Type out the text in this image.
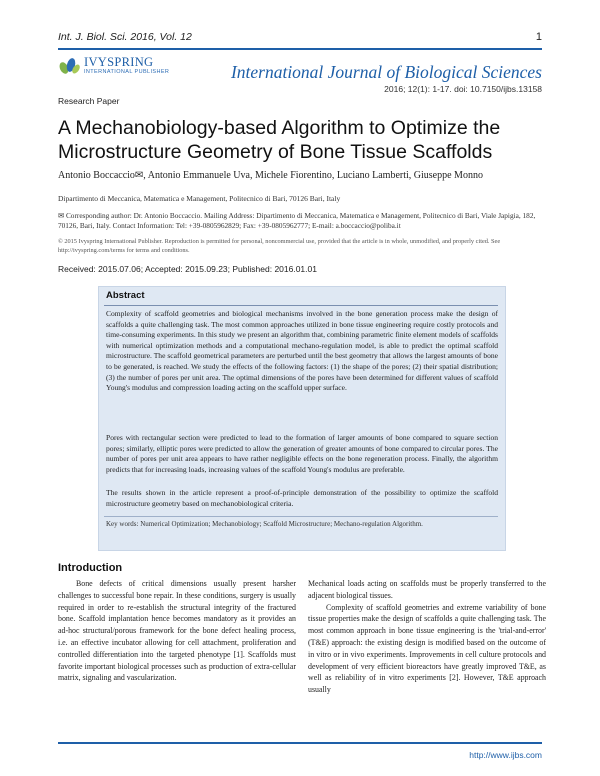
Int. J. Biol. Sci. 2016, Vol. 12	1
IVYSPRING
INTERNATIONAL PUBLISHER	International Journal of Biological Sciences
2016; 12(1): 1-17. doi: 10.7150/ijbs.13158
Research Paper
A Mechanobiology-based Algorithm to Optimize the Microstructure Geometry of Bone Tissue Scaffolds
Antonio Boccaccio✉, Antonio Emmanuele Uva, Michele Fiorentino, Luciano Lamberti, Giuseppe Monno
Dipartimento di Meccanica, Matematica e Management, Politecnico di Bari, 70126 Bari, Italy
✉ Corresponding author: Dr. Antonio Boccaccio. Mailing Address: Dipartimento di Meccanica, Matematica e Management, Politecnico di Bari, Viale Japigia, 182, 70126, Bari, Italy. Contact Information: Tel: +39-0805962829; Fax: +39-0805962777; E-mail: a.boccaccio@poliba.it
© 2015 Ivyspring International Publisher. Reproduction is permitted for personal, noncommercial use, provided that the article is in whole, unmodified, and properly cited. See http://ivyspring.com/terms for terms and conditions.
Received: 2015.07.06; Accepted: 2015.09.23; Published: 2016.01.01
Abstract

Complexity of scaffold geometries and biological mechanisms involved in the bone generation process make the design of scaffolds a quite challenging task. The most common approaches utilized in bone tissue engineering require costly protocols and time-consuming experiments. In this study we present an algorithm that, combining parametric finite element models of scaffolds with numerical optimization methods and a computational mechano-regulation model, is able to predict the optimal scaffold microstructure. The scaffold geometrical parameters are perturbed until the best geometry that allows the largest amounts of bone to be generated, is reached. We study the effects of the following factors: (1) the shape of the pores; (2) their spatial distribution; (3) the number of pores per unit area. The optimal dimensions of the pores have been determined for different values of scaffold Young's modulus and compression loading acting on the scaffold upper surface.

Pores with rectangular section were predicted to lead to the formation of larger amounts of bone compared to square section pores; similarly, elliptic pores were predicted to allow the generation of greater amounts of bone compared to circular pores. The number of pores per unit area appears to have rather negligible effects on the bone regeneration process. Finally, the algorithm predicts that for increasing loads, increasing values of the scaffold Young's modulus are preferable.

The results shown in the article represent a proof-of-principle demonstration of the possibility to optimize the scaffold microstructure geometry based on mechanobiological criteria.

Key words: Numerical Optimization; Mechanobiology; Scaffold Microstructure; Mechano-regulation Algorithm.
Introduction

Bone defects of critical dimensions usually present harsher challenges to successful bone repair. In these conditions, surgery is usually required in order to re-establish the structural integrity of the fractured bone. Scaffold implantation hence becomes mandatory as it provides an ad-hoc structural/porous framework for the bone defect healing process, i.e. an effective incubator allowing for cell attachment, proliferation and controlled differentiation into the targeted phenotype [1]. Scaffolds must favorite important biological processes such as production of extra-cellular matrix, signaling and vascularization.

Mechanical loads acting on scaffolds must be properly transferred to the adjacent biological tissues.

Complexity of scaffold geometries and extreme variability of bone tissue properties make the design of scaffolds a quite challenging task. The most common approach in bone tissue engineering is the 'trial-and-error' (T&E) approach: the existing design is modified based on the outcome of in vitro or in vivo experiments. Improvements in cell culture protocols and development of very efficient bioreactors have greatly improved T&E, as well as reliability of in vitro experiments [2]. However, T&E approach usually

http://www.ijbs.com
